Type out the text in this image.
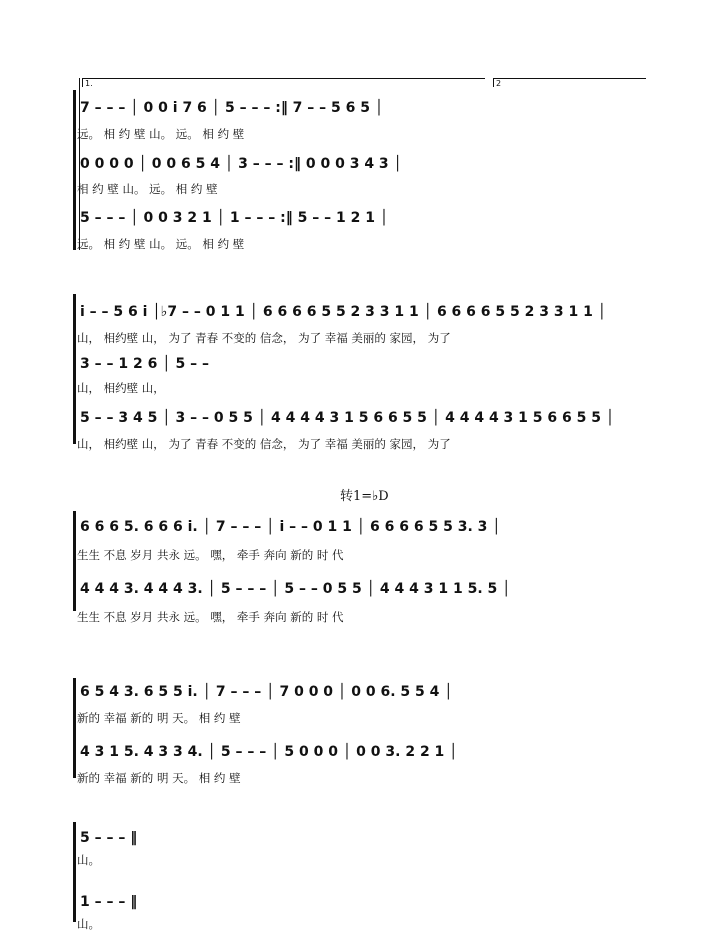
1.	2
7 – – – │ 0 0 i 7 6 │ 5 – – – :‖ 7 – – 5 6 5 │
远。 相 约 壁 山。 远。 相 约 壁
0 0 0 0 │ 0 0 6 5 4 │ 3 – – – :‖ 0 0 0 3 4 3 │
相 约 壁 山。 远。 相 约 壁
5 – – – │ 0 0 3 2 1 │ 1 – – – :‖ 5 – – 1 2 1 │
远。 相 约 壁 山。 远。 相 约 壁
i – – 5 6 i │♭7 – – 0 1 1 │ 6 6 6 6 5 5 2 3 3 1 1 │ 6 6 6 6 5 5 2 3 3 1 1 │
山， 相约壁 山， 为了 青春 不变的 信念， 为了 幸福 美丽的 家园， 为了
3 – – 1 2 6 │ 5 – –
山， 相约壁 山，
5 – – 3 4 5 │ 3 – – 0 5 5 │ 4 4 4 4 3 1 5 6 6 5 5 │ 4 4 4 4 3 1 5 6 6 5 5 │
山， 相约壁 山， 为了 青春 不变的 信念， 为了 幸福 美丽的 家园， 为了
转1=♭D
6 6 6 5. 6 6 6 i. │ 7 – – – │ i – – 0 1 1 │ 6 6 6 6 5 5 3. 3 │
生生 不息 岁月 共永 远。 嘿， 牵手 奔向 新的 时 代
4 4 4 3. 4 4 4 3. │ 5 – – – │ 5 – – 0 5 5 │ 4 4 4 3 1 1 5. 5 │
生生 不息 岁月 共永 远。 嘿， 牵手 奔向 新的 时 代
6 5 4 3. 6 5 5 i. │ 7 – – – │ 7 0 0 0 │ 0 0 6. 5 5 4 │
新的 幸福 新的 明 天。 相 约 壁
4 3 1 5. 4 3 3 4. │ 5 – – – │ 5 0 0 0 │ 0 0 3. 2 2 1 │
新的 幸福 新的 明 天。 相 约 壁
5 – – – ‖
山。
1 – – – ‖
山。
